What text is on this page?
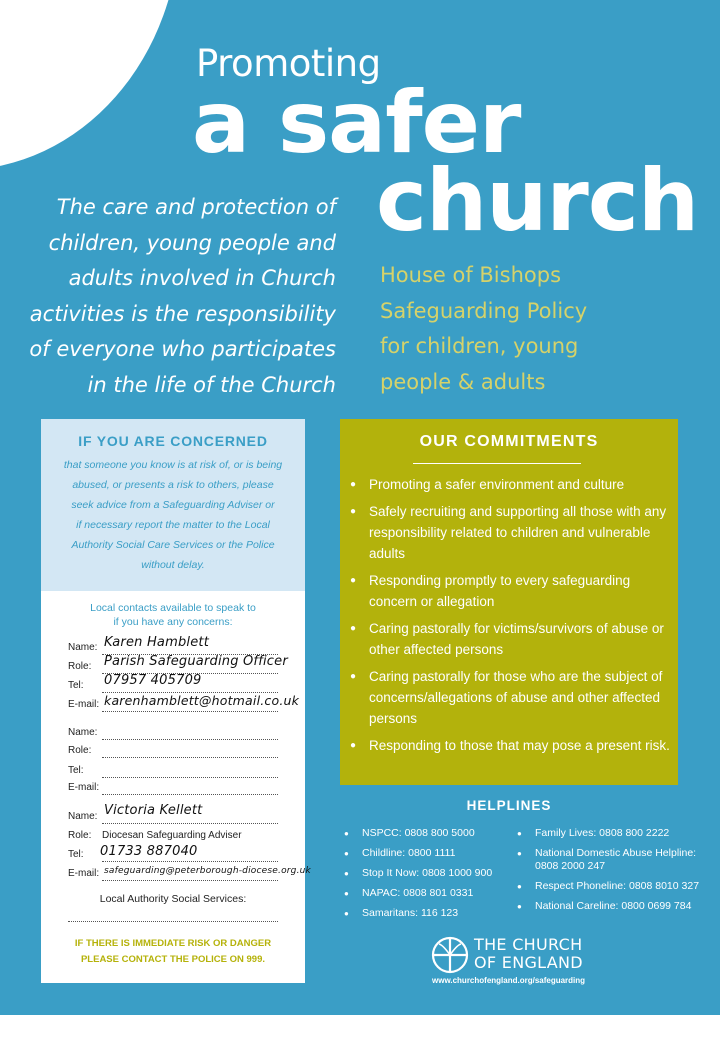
Promoting
a safer
church
The care and protection of
children, young people and
adults involved in Church
activities is the responsibility
of everyone who participates
in the life of the Church
House of Bishops
Safeguarding Policy
for children, young
people & adults
IF YOU ARE CONCERNED
that someone you know is at risk of, or is being
abused, or presents a risk to others, please
seek advice from a Safeguarding Adviser or
if necessary report the matter to the Local
Authority Social Care Services or the Police
without delay.
Local contacts available to speak to
if you have any concerns:
Name: Karen Hamblett
Role: Parish Safeguarding Officer
Tel: 07957 405709
E-mail: karenhamblett@hotmail.co.uk
Name:
Role:
Tel:
E-mail:
Name: Victoria Kellett
Role: Diocesan Safeguarding Adviser
Tel: 01733 887040
E-mail: safeguarding@peterborough-diocese.org.uk
Local Authority Social Services:
IF THERE IS IMMEDIATE RISK OR DANGER
PLEASE CONTACT THE POLICE ON 999.
OUR COMMITMENTS
● Promoting a safer environment and culture
● Safely recruiting and supporting all those with any responsibility related to children and vulnerable adults
● Responding promptly to every safeguarding concern or allegation
● Caring pastorally for victims/survivors of abuse or other affected persons
● Caring pastorally for those who are the subject of concerns/allegations of abuse and other affected persons
● Responding to those that may pose a present risk.
HELPLINES
● NSPCC: 0808 800 5000
● Childline: 0800 1111
● Stop It Now: 0808 1000 900
● NAPAC: 0808 801 0331
● Samaritans: 116 123
● Family Lives: 0808 800 2222
● National Domestic Abuse Helpline: 0808 2000 247
● Respect Phoneline: 0808 8010 327
● National Careline: 0800 0699 784
THE CHURCH
OF ENGLAND
www.churchofengland.org/safeguarding
